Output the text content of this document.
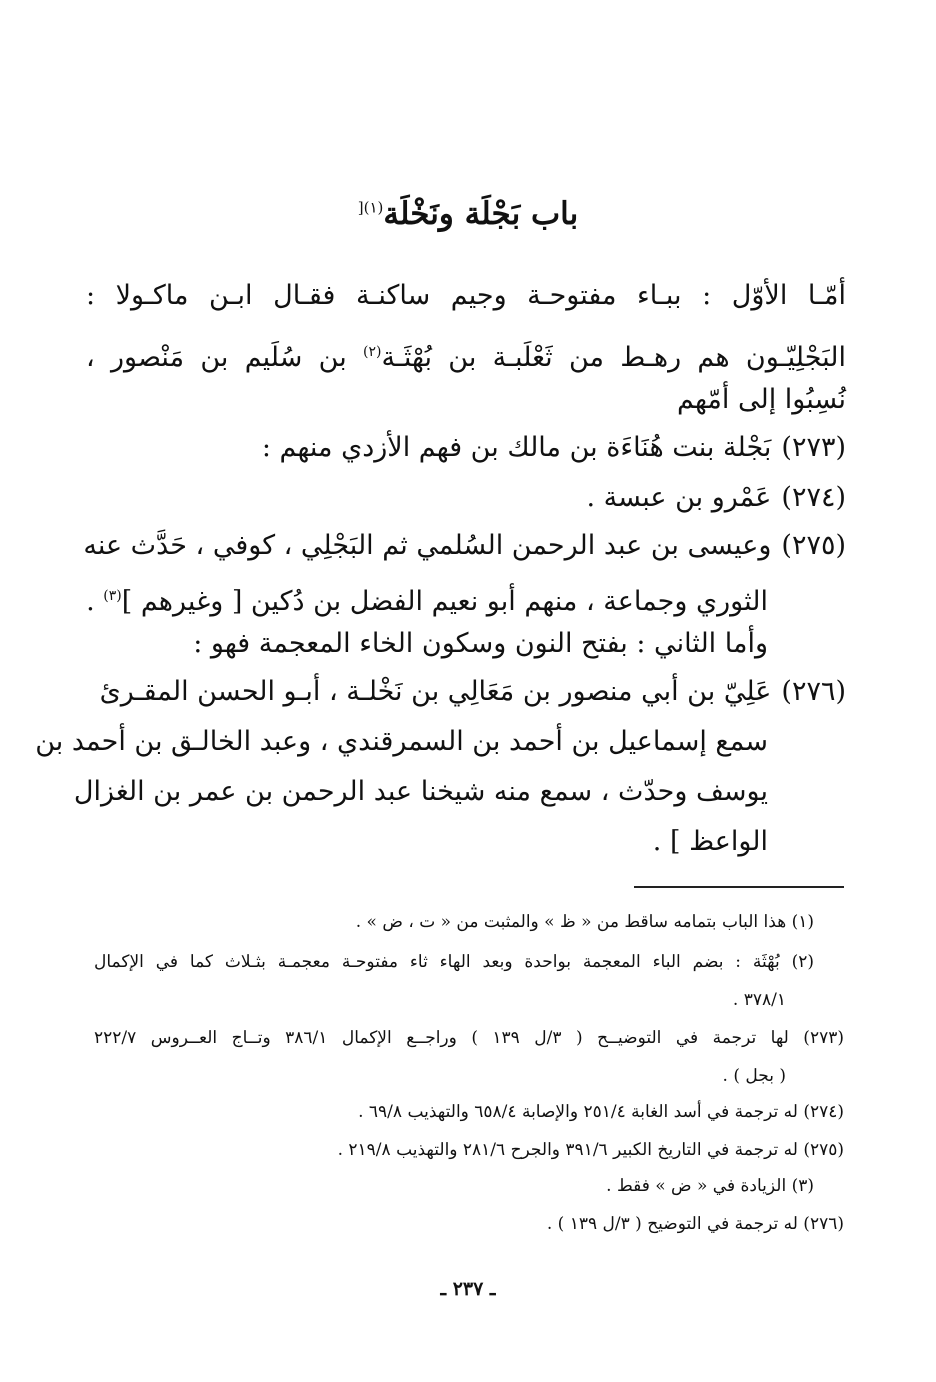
باب بَجْلَة ونَخْلَة$^{(١)[}$
أمّـا الأوّل : ببـاء مفتوحـة وجيم ساكنـة فقـال ابـن ماكـولا :
البَجْلِيّـون هم رهـط من ثَعْلَبـة بن بُهْثَـة$^{(٢)}$ بن سُلَيم بن مَنْصور ،
نُسِبُوا إلى أمّهم
(٢٧٣)بَجْلة بنت هُنَاءَة بن مالك بن فهم الأزدي منهم :
(٢٧٤)عَمْرو بن عبسة .
(٢٧٥)وعيسى بن عبد الرحمن السُلمي ثم البَجْلِي ، كوفي ، حَدَّث عنه
الثوري وجماعة ، منهم أبو نعيم الفضل بن دُكين [ وغيرهم ]$^{(٣)}$ .
وأما الثاني : بفتح النون وسكون الخاء المعجمة فهو :
(٢٧٦)عَلِيّ بن أبي منصور بن مَعَالِي بن نَخْلـة ، أبـو الحسن المقـرئ
سمع إسماعيل بن أحمد بن السمرقندي ، وعبد الخالـق بن أحمد بن
يوسف وحدّث ، سمع منه شيخنا عبد الرحمن بن عمر بن الغزال
الواعظ ] .
(١) هذا الباب بتمامه ساقط من « ظ » والمثبت من « ت ، ض » .
(٢) بُهْثَة : بضم الباء المعجمة بواحدة وبعد الهاء ثاء مفتوحـة معجمـة بثـلاث كما في الإكمال
٣٧٨/١ .
(٢٧٣) لها ترجمة في التوضيــح ( ٣/ل ١٣٩ ) وراجــع الإكمال ٣٨٦/١ وتــاج العــروس ٢٢٢/٧
( بجل ) .
(٢٧٤) له ترجمة في أسد الغابة ٢٥١/٤ والإصابة ٦٥٨/٤ والتهذيب ٦٩/٨ .
(٢٧٥) له ترجمة في التاريخ الكبير ٣٩١/٦ والجرح ٢٨١/٦ والتهذيب ٢١٩/٨ .
(٣) الزيادة في « ض » فقط .
(٢٧٦) له ترجمة في التوضيح ( ٣/ل ١٣٩ ) .
ـ ٢٣٧ ـ
